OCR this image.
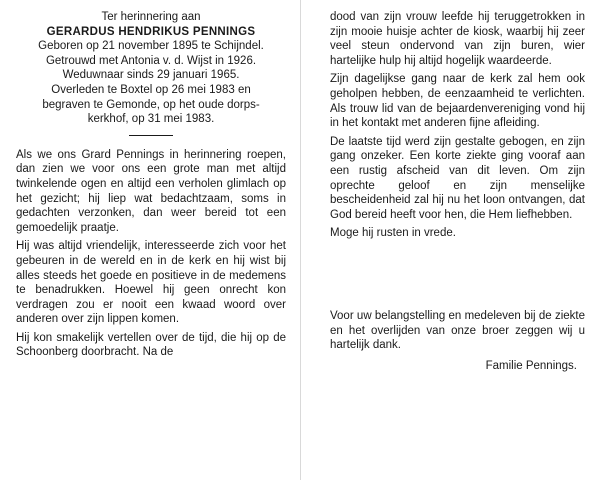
Ter herinnering aan
GERARDUS HENDRIKUS PENNINGS
Geboren op 21 november 1895 te Schijndel.
Getrouwd met Antonia v. d. Wijst in 1926.
Weduwnaar sinds 29 januari 1965.
Overleden te Boxtel op 26 mei 1983 en
begraven te Gemonde, op het oude dorps-
kerkhof, op 31 mei 1983.

Als we ons Grard Pennings in herinnering roepen, dan zien we voor ons een grote man met altijd twinkelende ogen en altijd een verholen glimlach op het gezicht; hij liep wat bedachtzaam, soms in gedachten verzonken, dan weer bereid tot een gemoedelijk praatje.

Hij was altijd vriendelijk, interesseerde zich voor het gebeuren in de wereld en in de kerk en hij wist bij alles steeds het goede en positieve in de medemens te benadrukken. Hoewel hij geen onrecht kon verdragen zou er nooit een kwaad woord over anderen over zijn lippen komen.

Hij kon smakelijk vertellen over de tijd, die hij op de Schoonberg doorbracht. Na de

dood van zijn vrouw leefde hij teruggetrokken in zijn mooie huisje achter de kiosk, waarbij hij zeer veel steun ondervond van zijn buren, wier hartelijke hulp hij altijd hogelijk waardeerde.

Zijn dagelijkse gang naar de kerk zal hem ook geholpen hebben, de eenzaamheid te verlichten. Als trouw lid van de bejaardenvereniging vond hij in het kontakt met anderen fijne afleiding.

De laatste tijd werd zijn gestalte gebogen, en zijn gang onzeker. Een korte ziekte ging vooraf aan een rustig afscheid van dit leven. Om zijn oprechte geloof en zijn menselijke bescheidenheid zal hij nu het loon ontvangen, dat God bereid heeft voor hen, die Hem liefhebben.

Moge hij rusten in vrede.

Voor uw belangstelling en medeleven bij de ziekte en het overlijden van onze broer zeggen wij u hartelijk dank.

Familie Pennings.
